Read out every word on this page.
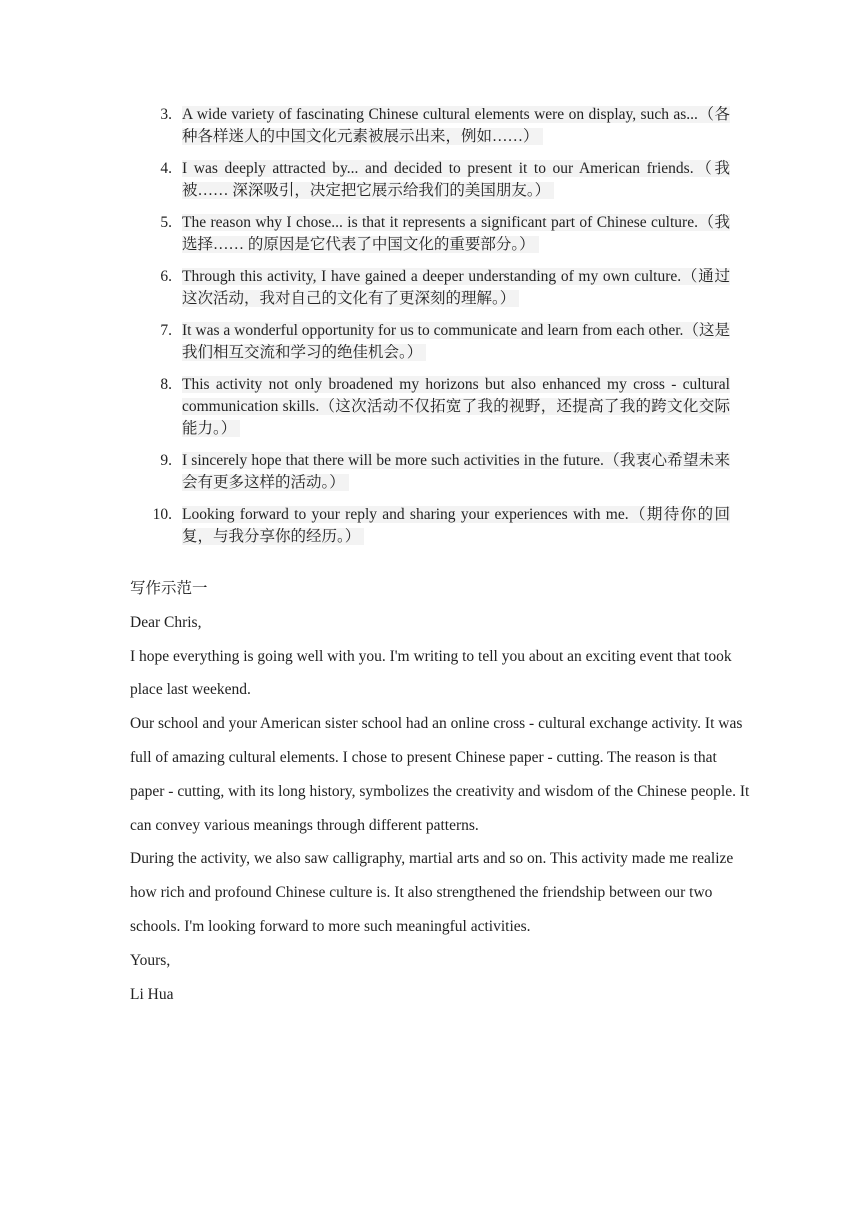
3. A wide variety of fascinating Chinese cultural elements were on display, such as...（各种各样迷人的中国文化元素被展示出来，例如……）
4. I was deeply attracted by... and decided to present it to our American friends.（我被…… 深深吸引，决定把它展示给我们的美国朋友。）
5. The reason why I chose... is that it represents a significant part of Chinese culture.（我选择…… 的原因是它代表了中国文化的重要部分。）
6. Through this activity, I have gained a deeper understanding of my own culture.（通过这次活动，我对自己的文化有了更深刻的理解。）
7. It was a wonderful opportunity for us to communicate and learn from each other.（这是我们相互交流和学习的绝佳机会。）
8. This activity not only broadened my horizons but also enhanced my cross - cultural communication skills.（这次活动不仅拓宽了我的视野，还提高了我的跨文化交际能力。）
9. I sincerely hope that there will be more such activities in the future.（我衷心希望未来会有更多这样的活动。）
10. Looking forward to your reply and sharing your experiences with me.（期待你的回复，与我分享你的经历。）

写作示范一

Dear Chris,

I hope everything is going well with you. I'm writing to tell you about an exciting event that took place last weekend.

Our school and your American sister school had an online cross - cultural exchange activity. It was full of amazing cultural elements. I chose to present Chinese paper - cutting. The reason is that paper - cutting, with its long history, symbolizes the creativity and wisdom of the Chinese people. It can convey various meanings through different patterns.

During the activity, we also saw calligraphy, martial arts and so on. This activity made me realize how rich and profound Chinese culture is. It also strengthened the friendship between our two schools. I'm looking forward to more such meaningful activities.

Yours,

Li Hua
